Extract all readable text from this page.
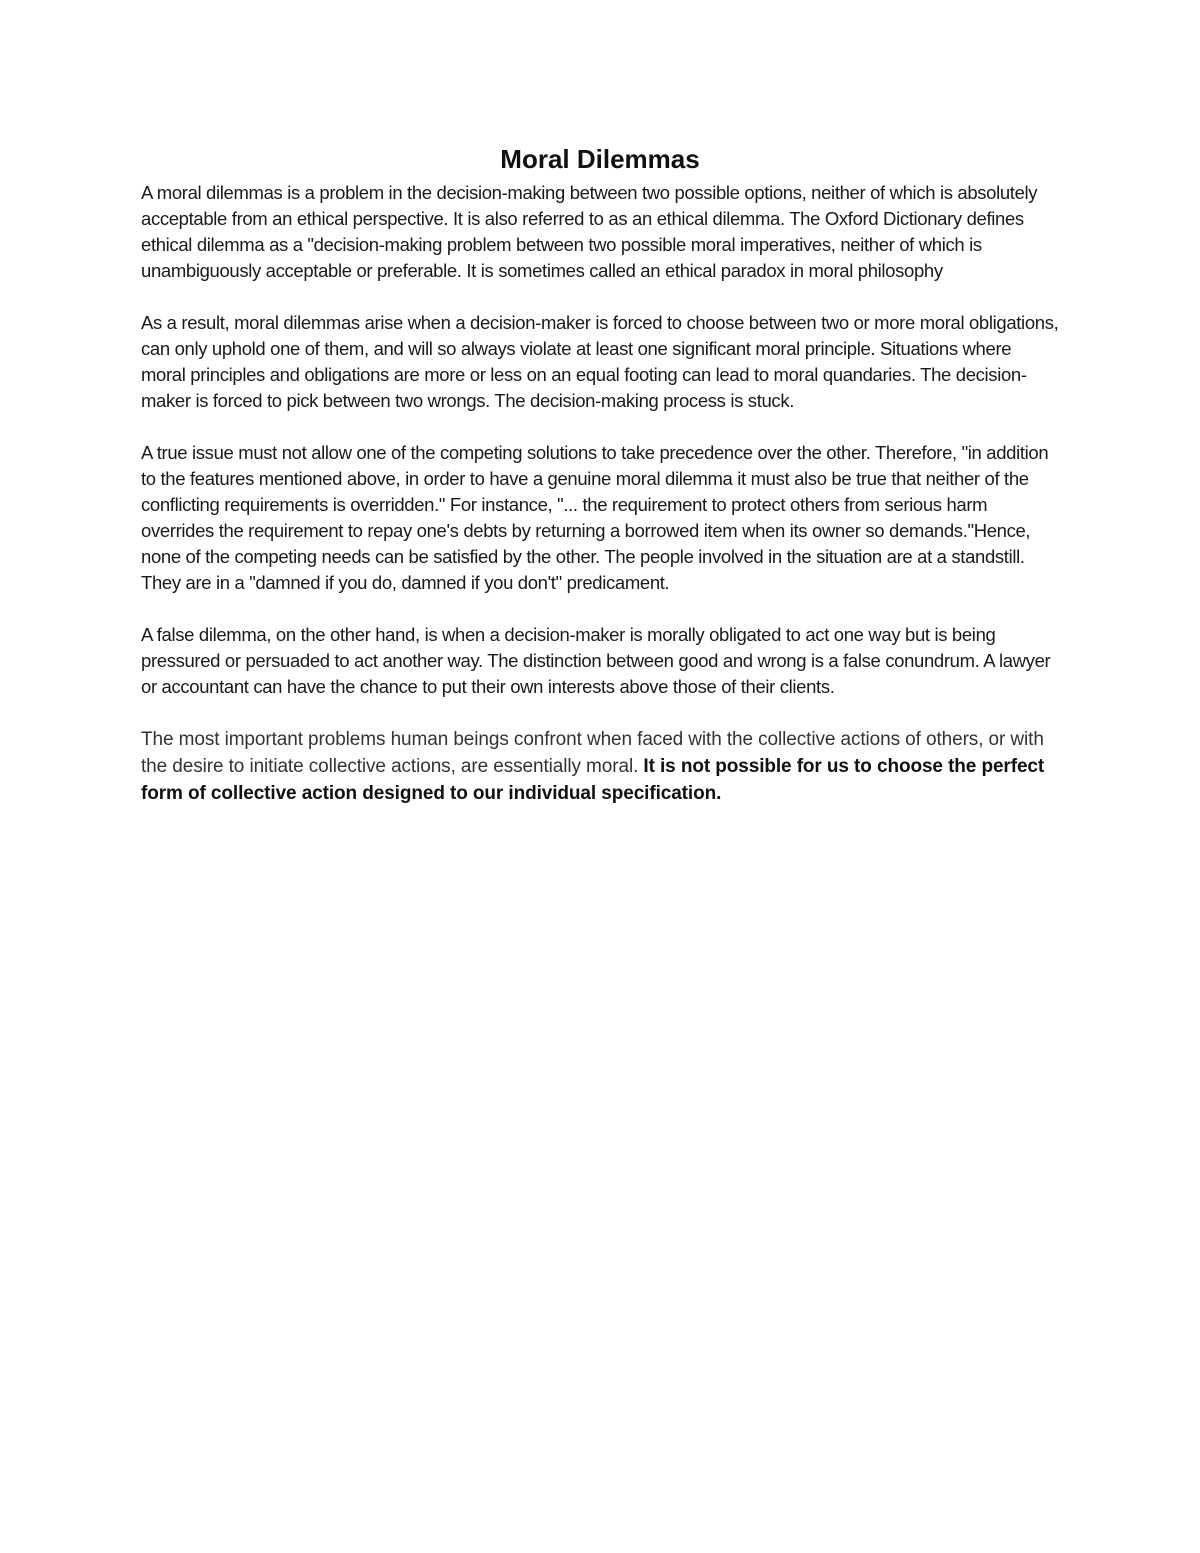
Moral Dilemmas

A moral dilemmas is a problem in the decision-making between two possible options, neither of which is absolutely acceptable from an ethical perspective. It is also referred to as an ethical dilemma. The Oxford Dictionary defines ethical dilemma as a "decision-making problem between two possible moral imperatives, neither of which is unambiguously acceptable or preferable. It is sometimes called an ethical paradox in moral philosophy

As a result, moral dilemmas arise when a decision-maker is forced to choose between two or more moral obligations, can only uphold one of them, and will so always violate at least one significant moral principle. Situations where moral principles and obligations are more or less on an equal footing can lead to moral quandaries. The decision-maker is forced to pick between two wrongs. The decision-making process is stuck.

A true issue must not allow one of the competing solutions to take precedence over the other. Therefore, "in addition to the features mentioned above, in order to have a genuine moral dilemma it must also be true that neither of the conflicting requirements is overridden." For instance, "... the requirement to protect others from serious harm overrides the requirement to repay one's debts by returning a borrowed item when its owner so demands."Hence, none of the competing needs can be satisfied by the other. The people involved in the situation are at a standstill. They are in a "damned if you do, damned if you don't" predicament.

A false dilemma, on the other hand, is when a decision-maker is morally obligated to act one way but is being pressured or persuaded to act another way. The distinction between good and wrong is a false conundrum. A lawyer or accountant can have the chance to put their own interests above those of their clients.

The most important problems human beings confront when faced with the collective actions of others, or with the desire to initiate collective actions, are essentially moral. It is not possible for us to choose the perfect form of collective action designed to our individual specification.
